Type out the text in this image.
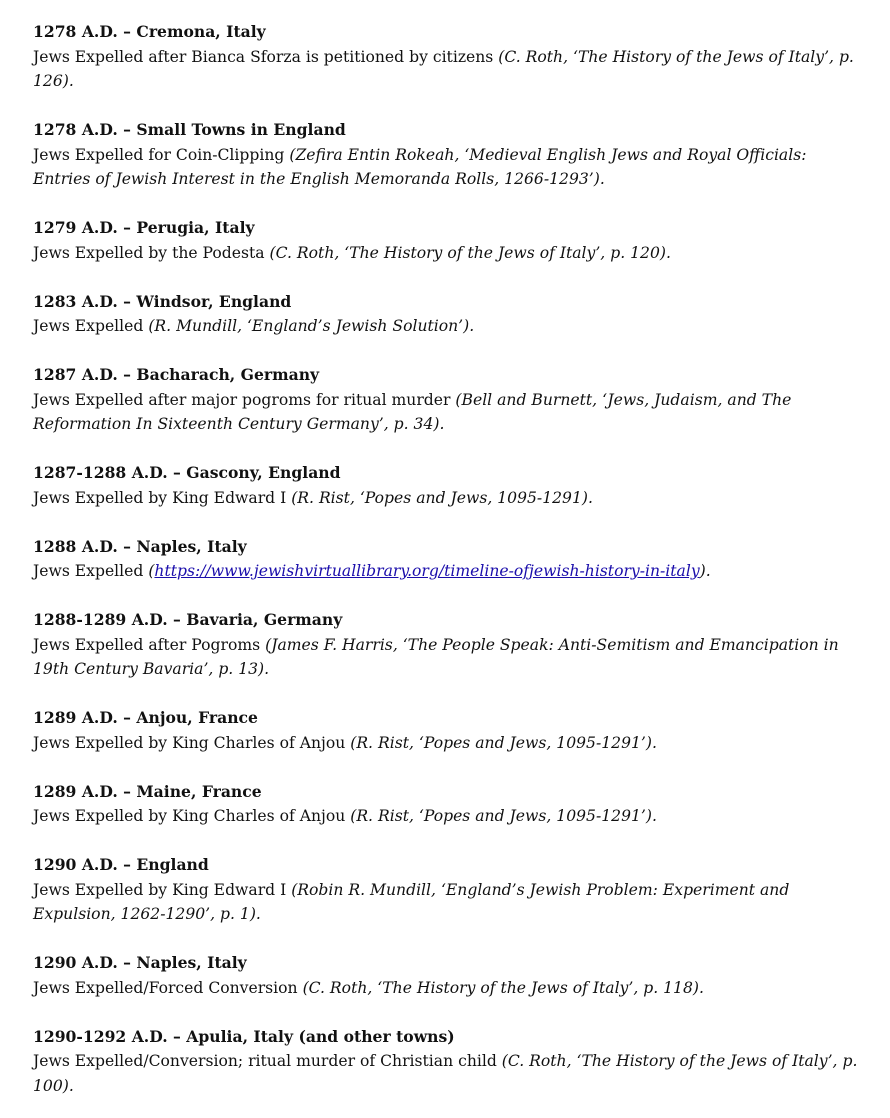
1278 A.D. – Cremona, Italy
Jews Expelled after Bianca Sforza is petitioned by citizens (C. Roth, ‘The History of the Jews of Italy’, p. 126).
1278 A.D. – Small Towns in England
Jews Expelled for Coin-Clipping (Zefira Entin Rokeah, ‘Medieval English Jews and Royal Officials: Entries of Jewish Interest in the English Memoranda Rolls, 1266-1293’).
1279 A.D. – Perugia, Italy
Jews Expelled by the Podesta (C. Roth, ‘The History of the Jews of Italy’, p. 120).
1283 A.D. – Windsor, England
Jews Expelled (R. Mundill, ‘England’s Jewish Solution’).
1287 A.D. – Bacharach, Germany
Jews Expelled after major pogroms for ritual murder (Bell and Burnett, ‘Jews, Judaism, and The Reformation In Sixteenth Century Germany’, p. 34).
1287-1288 A.D. – Gascony, England
Jews Expelled by King Edward I (R. Rist, ‘Popes and Jews, 1095-1291).
1288 A.D. – Naples, Italy
Jews Expelled (https://www.jewishvirtuallibrary.org/timeline-ofjewish-history-in-italy).
1288-1289 A.D. – Bavaria, Germany
Jews Expelled after Pogroms (James F. Harris, ‘The People Speak: Anti-Semitism and Emancipation in 19th Century Bavaria’, p. 13).
1289 A.D. – Anjou, France
Jews Expelled by King Charles of Anjou (R. Rist, ‘Popes and Jews, 1095-1291’).
1289 A.D. – Maine, France
Jews Expelled by King Charles of Anjou (R. Rist, ‘Popes and Jews, 1095-1291’).
1290 A.D. – England
Jews Expelled by King Edward I (Robin R. Mundill, ‘England’s Jewish Problem: Experiment and Expulsion, 1262-1290’, p. 1).
1290 A.D. – Naples, Italy
Jews Expelled/Forced Conversion (C. Roth, ‘The History of the Jews of Italy’, p. 118).
1290-1292 A.D. – Apulia, Italy (and other towns)
Jews Expelled/Conversion; ritual murder of Christian child (C. Roth, ‘The History of the Jews of Italy’, p. 100).
